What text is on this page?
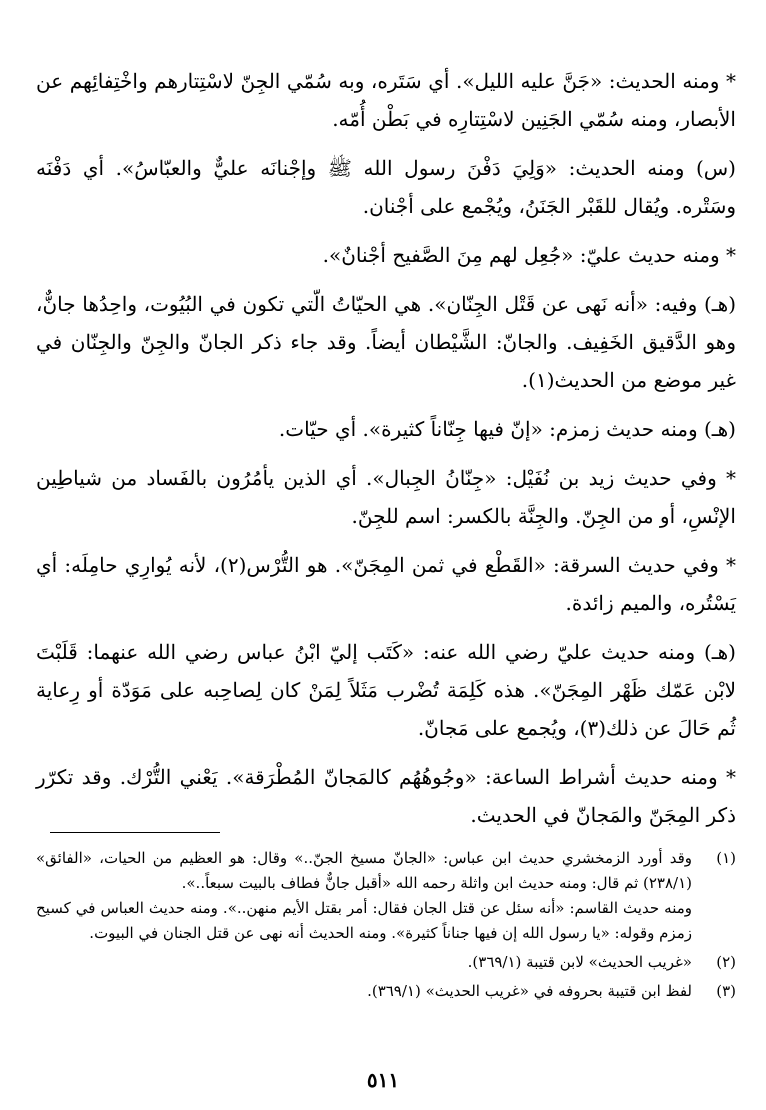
* ومنه الحديث: «جَنَّ عليه الليل». أي سَتَره، وبه سُمّي الجِنّ لاسْتِتارهم واخْتِفائِهم عن الأبصار، ومنه سُمّي الجَنِين لاسْتِتارِه في بَطْن أُمّه.

(س) ومنه الحديث: «وَلِيَ دَفْنَ رسول الله ﷺ وإجْنانَه عليٌّ والعبّاسُ». أي دَفْنَه وسَتْره. ويُقال للقَبْر الجَنَنُ، ويُجْمع على أجْنان.

* ومنه حديث عليّ: «جُعِل لهم مِنَ الصَّفيح أجْنانٌ».

(هـ) وفيه: «أنه نَهى عن قَتْل الجِنّان». هي الحيّاتُ الّتي تكون في البُيُوت، واحِدُها جانٌّ، وهو الدَّقيق الخَفِيف. والجانّ: الشَّيْطان أيضاً. وقد جاء ذكر الجانّ والجِنّ والجِنّان في غير موضع من الحديث(١).

(هـ) ومنه حديث زمزم: «إنّ فيها جِنّاناً كثيرة». أي حيّات.

* وفي حديث زيد بن نُفَيْل: «جِنّانُ الجِبال». أي الذين يأمُرُون بالفَساد من شياطِين الإنْسِ، أو من الجِنّ. والجِنَّة بالكسر: اسم للجِنّ.

* وفي حديث السرقة: «القَطْع في ثمن المِجَنّ». هو التُّرْس(٢)، لأنه يُوارِي حامِلَه: أي يَسْتُره، والميم زائدة.

(هـ) ومنه حديث عليّ رضي الله عنه: «كَتَب إليّ ابْنُ عباس رضي الله عنهما: قَلَبْتَ لابْن عَمّك ظَهْر المِجَنّ». هذه كَلِمَة تُضْرب مَثَلاً لِمَنْ كان لِصاحِبه على مَوَدّة أو رِعاية ثُم حَالَ عن ذلك(٣)، ويُجمع على مَجانّ.

* ومنه حديث أشراط الساعة: «وجُوهُهُم كالمَجانّ المُطْرَقة». يَعْني التُّرْك. وقد تكرّر ذكر المِجَنّ والمَجانّ في الحديث.

(١)

وقد أورد الزمخشري حديث ابن عباس: «الجانّ مسيخ الجنّ..» وقال: هو العظيم من الحيات، «الفائق» (٢٣٨/١) ثم قال: ومنه حديث ابن واثلة رحمه الله «أقبل جانٌّ فطاف بالبيت سبعاً..».

ومنه حديث القاسم: «أنه سئل عن قتل الجان فقال: أمر بقتل الأيم منهن..». ومنه حديث العباس في كسيح زمزم وقوله: «يا رسول الله إن فيها جناناً كثيرة». ومنه الحديث أنه نهى عن قتل الجنان في البيوت.

(٢)

«غريب الحديث» لابن قتيبة (٣٦٩/١).

(٣)

لفظ ابن قتيبة بحروفه في «غريب الحديث» (٣٦٩/١).

٥١١
